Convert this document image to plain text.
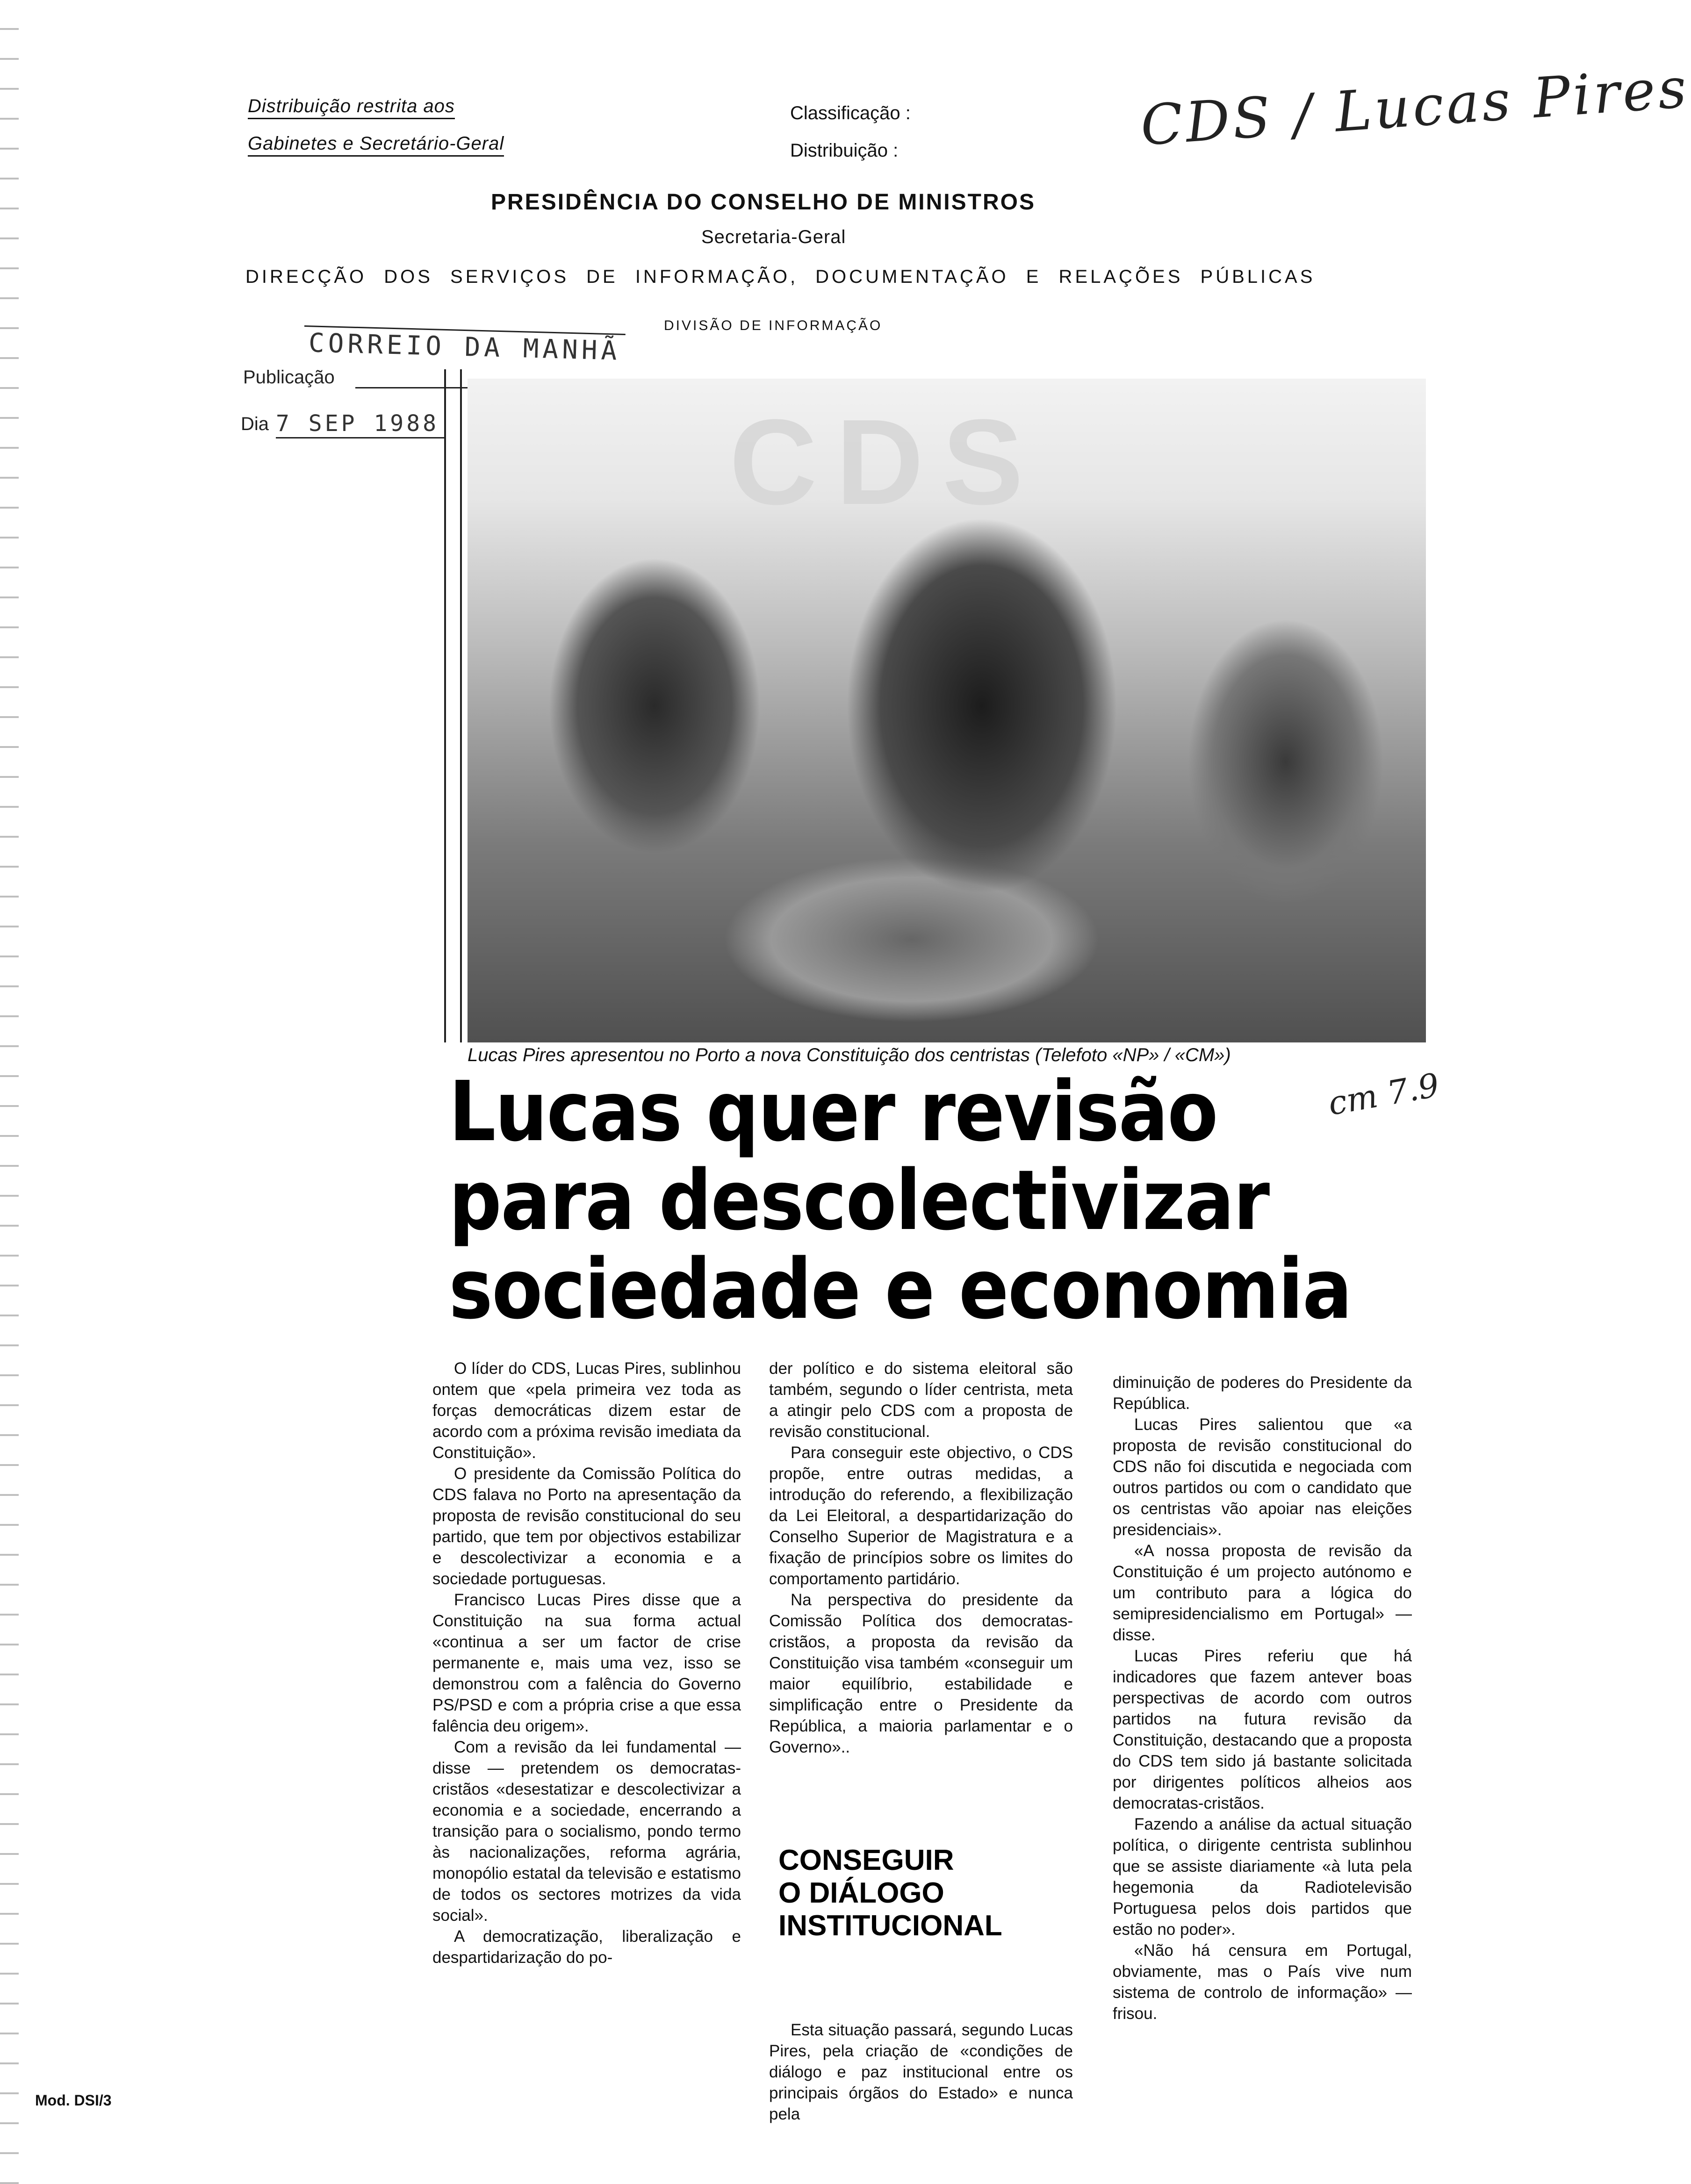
Distribuição restrita aos
Gabinetes e Secretário-Geral
Classificação :
Distribuição :	CDS / Lucas Pires
PRESIDÊNCIA DO CONSELHO DE MINISTROS
Secretaria-Geral
DIRECÇÃO DOS SERVIÇOS DE INFORMAÇÃO, DOCUMENTAÇÃO E RELAÇÕES PÚBLICAS
DIVISÃO DE INFORMAÇÃO
CORREIO DA MANHÃ
Publicação
Dia 7 SEP 1988 CDS
Lucas Pires apresentou no Porto a nova Constituição dos centristas (Telefoto «NP» / «CM»)
Lucas quer revisão
para descolectivizar
sociedade e economia
cm 7.9

O líder do CDS, Lucas Pires, sublinhou ontem que «pela primeira vez toda as forças democráticas dizem estar de acordo com a próxima revisão imediata da Constituição».

O presidente da Comissão Política do CDS falava no Porto na apresentação da proposta de revisão constitucional do seu partido, que tem por objectivos estabilizar e descolectivizar a economia e a sociedade portuguesas.

Francisco Lucas Pires disse que a Constituição na sua forma actual «continua a ser um factor de crise permanente e, mais uma vez, isso se demonstrou com a falência do Governo PS/PSD e com a própria crise a que essa falência deu origem».

Com a revisão da lei fundamental — disse — pretendem os democratas-cristãos «desestatizar e descolectivizar a economia e a sociedade, encerrando a transição para o socialismo, pondo termo às nacionalizações, reforma agrária, monopólio estatal da televisão e estatismo de todos os sectores motrizes da vida social».

A democratização, liberalização e despartidarização do po-

der político e do sistema eleitoral são também, segundo o líder centrista, meta a atingir pelo CDS com a proposta de revisão constitucional.

Para conseguir este objectivo, o CDS propõe, entre outras medidas, a introdução do referendo, a flexibilização da Lei Eleitoral, a despartidarização do Conselho Superior de Magistratura e a fixação de princípios sobre os limites do comportamento partidário.

Na perspectiva do presidente da Comissão Política dos democratas-cristãos, a proposta da revisão da Constituição visa também «conseguir um maior equilíbrio, estabilidade e simplificação entre o Presidente da República, a maioria parlamentar e o Governo»..

CONSEGUIR
O DIÁLOGO
INSTITUCIONAL

Esta situação passará, segundo Lucas Pires, pela criação de «condições de diálogo e paz institucional entre os principais órgãos do Estado» e nunca pela

diminuição de poderes do Presidente da República.

Lucas Pires salientou que «a proposta de revisão constitucional do CDS não foi discutida e negociada com outros partidos ou com o candidato que os centristas vão apoiar nas eleições presidenciais».

«A nossa proposta de revisão da Constituição é um projecto autónomo e um contributo para a lógica do semipresidencialismo em Portugal» — disse.

Lucas Pires referiu que há indicadores que fazem antever boas perspectivas de acordo com outros partidos na futura revisão da Constituição, destacando que a proposta do CDS tem sido já bastante solicitada por dirigentes políticos alheios aos democratas-cristãos.

Fazendo a análise da actual situação política, o dirigente centrista sublinhou que se assiste diariamente «à luta pela hegemonia da Radiotelevisão Portuguesa pelos dois partidos que estão no poder».

«Não há censura em Portugal, obviamente, mas o País vive num sistema de controlo de informação» — frisou.

Mod. DSI/3
